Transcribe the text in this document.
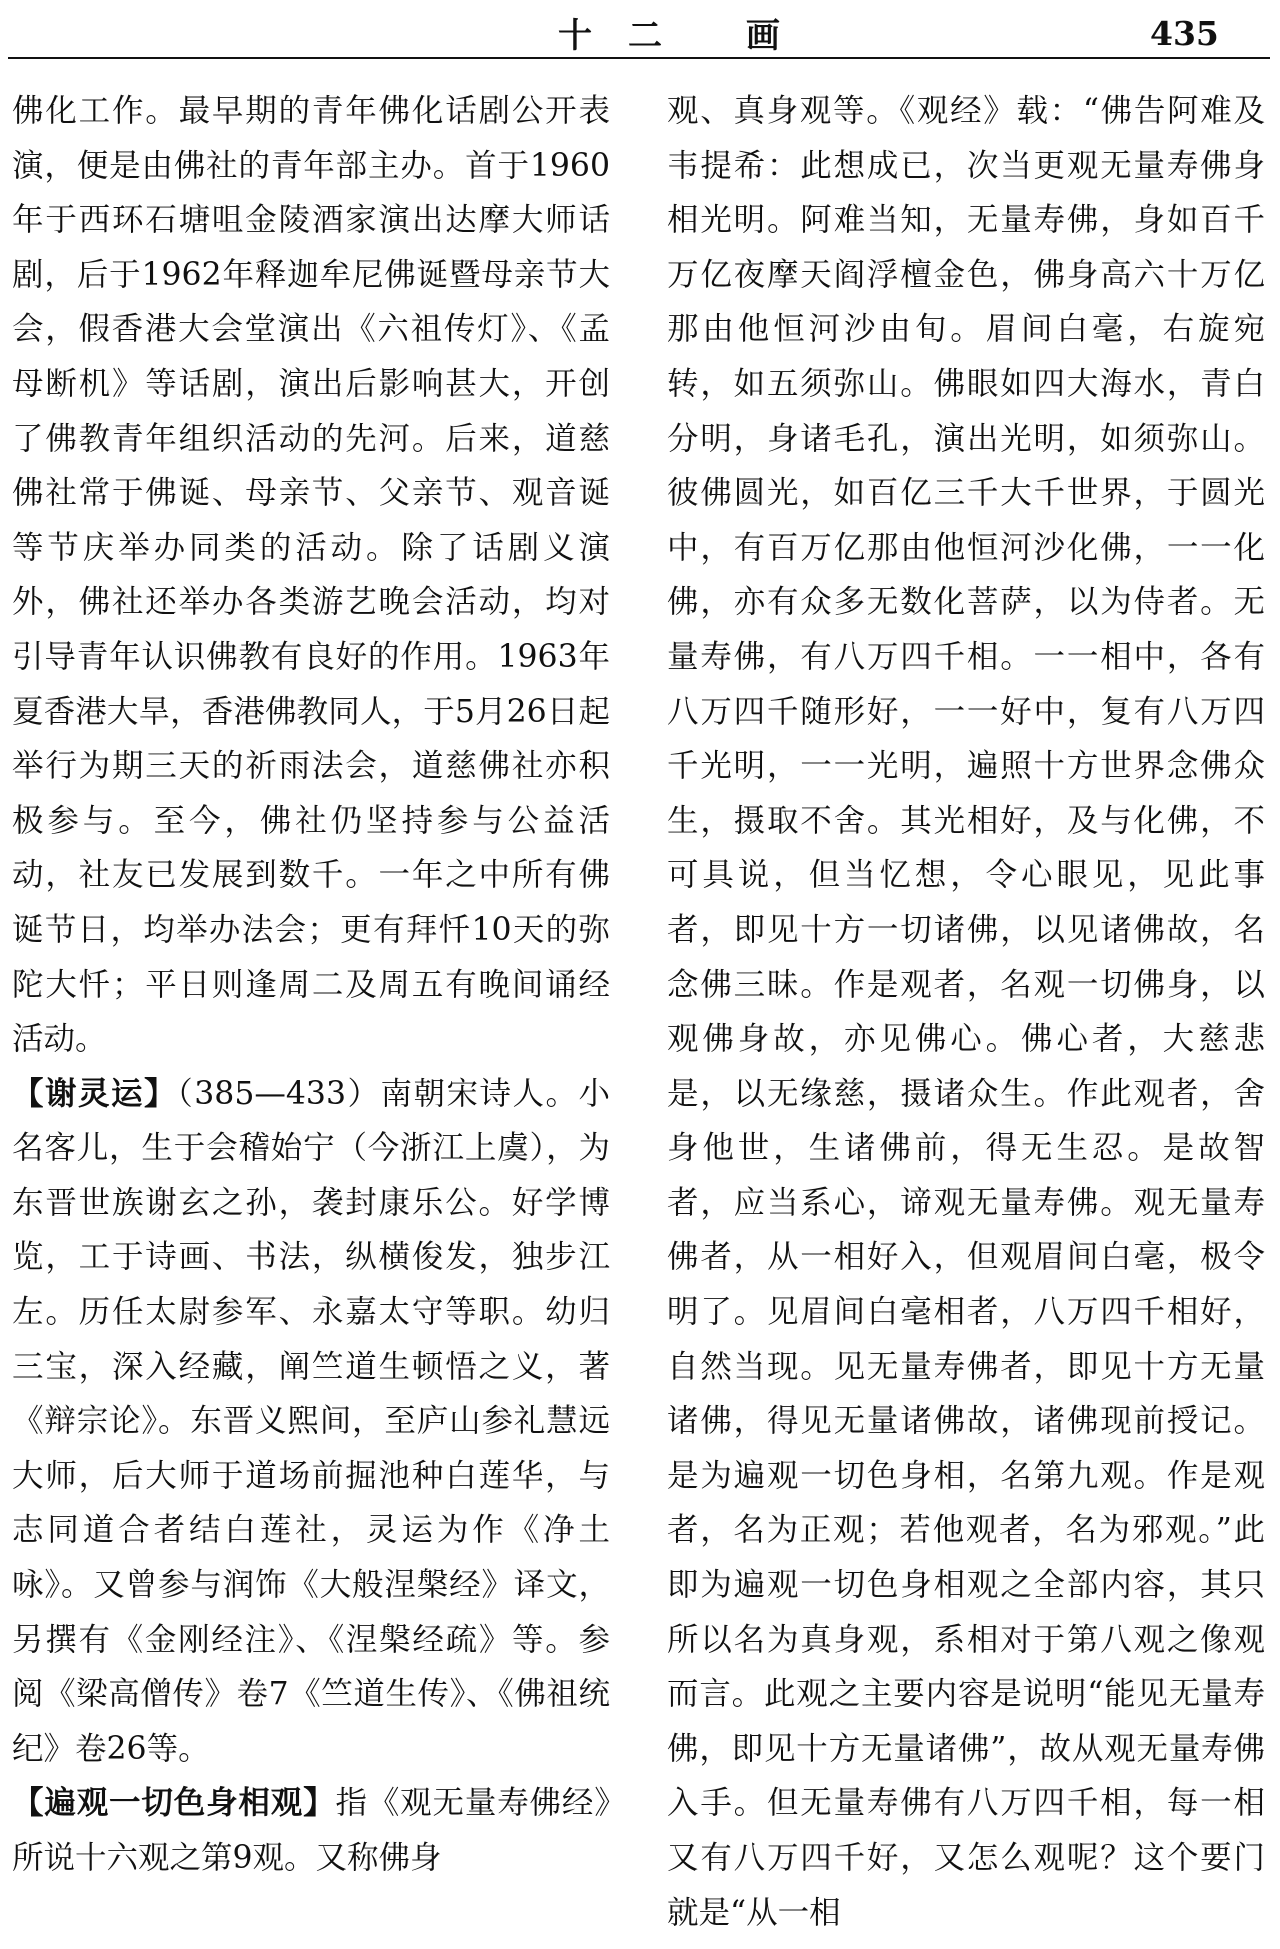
十二 画	435

佛化工作。最早期的青年佛化话剧公开表演，便是由佛社的青年部主办。首于1960年于西环石塘咀金陵酒家演出达摩大师话剧，后于1962年释迦牟尼佛诞暨母亲节大会，假香港大会堂演出《六祖传灯》、《孟母断机》等话剧，演出后影响甚大，开创了佛教青年组织活动的先河。后来，道慈佛社常于佛诞、母亲节、父亲节、观音诞等节庆举办同类的活动。除了话剧义演外，佛社还举办各类游艺晚会活动，均对引导青年认识佛教有良好的作用。1963年夏香港大旱，香港佛教同人，于5月26日起举行为期三天的祈雨法会，道慈佛社亦积极参与。至今，佛社仍坚持参与公益活动，社友已发展到数千。一年之中所有佛诞节日，均举办法会；更有拜忏10天的弥陀大忏；平日则逢周二及周五有晚间诵经活动。

【谢灵运】（385—433）南朝宋诗人。小名客儿，生于会稽始宁（今浙江上虞），为东晋世族谢玄之孙，袭封康乐公。好学博览，工于诗画、书法，纵横俊发，独步江左。历任太尉参军、永嘉太守等职。幼归三宝，深入经藏，阐竺道生顿悟之义，著《辩宗论》。东晋义熙间，至庐山参礼慧远大师，后大师于道场前掘池种白莲华，与志同道合者结白莲社，灵运为作《净土咏》。又曾参与润饰《大般涅槃经》译文，另撰有《金刚经注》、《涅槃经疏》等。参阅《梁高僧传》卷7《竺道生传》、《佛祖统纪》卷26等。

【遍观一切色身相观】指《观无量寿佛经》所说十六观之第9观。又称佛身

观、真身观等。《观经》载：“佛告阿难及韦提希：此想成已，次当更观无量寿佛身相光明。阿难当知，无量寿佛，身如百千万亿夜摩天阎浮檀金色，佛身高六十万亿那由他恒河沙由旬。眉间白毫，右旋宛转，如五须弥山。佛眼如四大海水，青白分明，身诸毛孔，演出光明，如须弥山。彼佛圆光，如百亿三千大千世界，于圆光中，有百万亿那由他恒河沙化佛，一一化佛，亦有众多无数化菩萨，以为侍者。无量寿佛，有八万四千相。一一相中，各有八万四千随形好，一一好中，复有八万四千光明，一一光明，遍照十方世界念佛众生，摄取不舍。其光相好，及与化佛，不可具说，但当忆想，令心眼见，见此事者，即见十方一切诸佛，以见诸佛故，名念佛三昧。作是观者，名观一切佛身，以观佛身故，亦见佛心。佛心者，大慈悲是，以无缘慈，摄诸众生。作此观者，舍身他世，生诸佛前，得无生忍。是故智者，应当系心，谛观无量寿佛。观无量寿佛者，从一相好入，但观眉间白毫，极令明了。见眉间白毫相者，八万四千相好，自然当现。见无量寿佛者，即见十方无量诸佛，得见无量诸佛故，诸佛现前授记。是为遍观一切色身相，名第九观。作是观者，名为正观；若他观者，名为邪观。”此即为遍观一切色身相观之全部内容，其只所以名为真身观，系相对于第八观之像观而言。此观之主要内容是说明“能见无量寿佛，即见十方无量诸佛”，故从观无量寿佛入手。但无量寿佛有八万四千相，每一相又有八万四千好，又怎么观呢？这个要门就是“从一相
